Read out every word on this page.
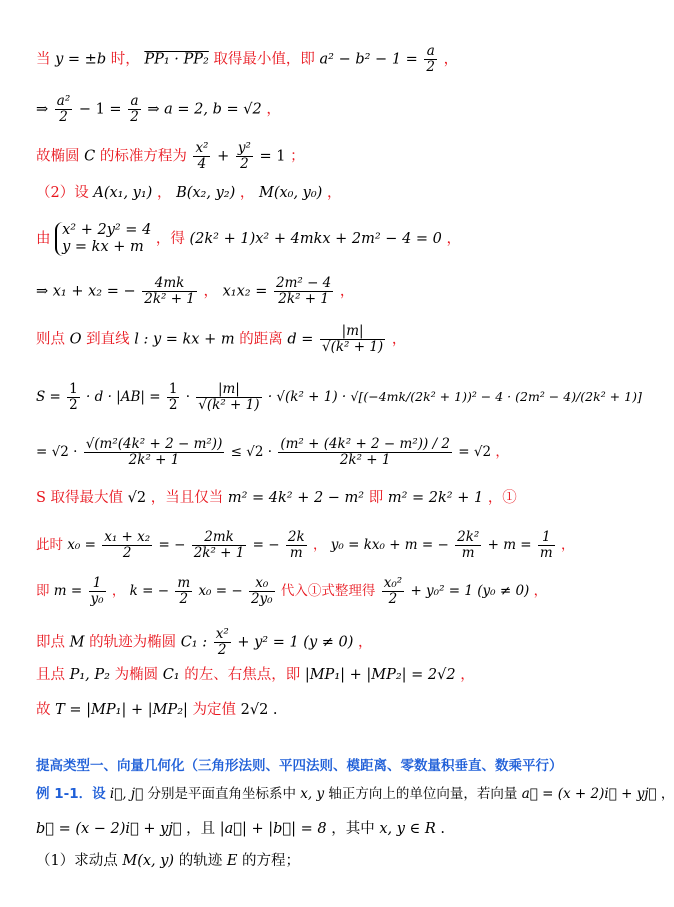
当 y = ±b 时， PP₁ · PP₂ 取得最小值，即 $a^2 - b^2 - 1 = \frac{a}{2}$ ，
⇒ $\frac{\text{a²}}{2} - 1 = \frac{a}{2}$ ⇒ a = 2, b = √2 ，
故椭圆 C 的标准方程为 $\frac{\text{x²}}{4} + \frac{\text{y²}}{2} = 1$ ；
（2）设 A(x₁, y₁) ， B(x₂, y₂) ， M(x₀, y₀) ，
由
x² + 2y² = 4
y = kx + m ，得 (2k² + 1)x² + 4mkx + 2m² − 4 = 0 ，
⇒ x₁ + x₂ = − $\frac{4mk}{\text{2k² + 1}}$ ， $x_1x_2 = \frac{\text{2m² − 4}}{\text{2k² + 1}}$ ，
则点 O 到直线 l : y = kx + m 的距离 $d = \frac{|m|}{\text{√(k² + 1)}}$ ，
$S = \frac{1}{2} \cdot d \cdot |AB| = \frac{1}{2} \cdot \frac{|m|}{\text{√(k² + 1)}} \cdot √(k^2 + 1) \cdot √[(-4mk/(2k^2 + 1))^2 - 4 \cdot (2m^2 - 4)/(2k^2 + 1)]$
= $√2 \cdot \frac{\text{√(m²(4k² + 2 − m²))}}{\text{2k² + 1}} \le √2 \cdot \frac{\text{(m² + (4k² + 2 − m²)) / 2}}{\text{2k² + 1}} = √2$ ，
S 取得最大值 √2 ，当且仅当 m² = 4k² + 2 − m² 即 m² = 2k² + 1 ，①
此时 $x_0 = \frac{\text{x₁ + x₂}}{2}$ = − $\frac{2mk}{\text{2k² + 1}}$ = − $\frac{2k}{m}$ ， y₀ = kx₀ + m = − $\frac{\text{2k²}}{m} + m = \frac{1}{m}$ ，
即 $m = \frac{1}{\text{y₀}}$ ， k = − $\frac{m}{2} x_0$ = − $\frac{\text{x₀}}{\text{2y₀}}$ 代入①式整理得 $\frac{\text{x₀²}}{2} + y_0^2 = 1$ (y₀ ≠ 0) ，
即点 M 的轨迹为椭圆 C₁ : $\frac{\text{x²}}{2} + y^2 = 1$ (y ≠ 0) ，
且点 P₁, P₂ 为椭圆 C₁ 的左、右焦点，即 |MP₁| + |MP₂| = 2√2 ，
故 T = |MP₁| + |MP₂| 为定值 2√2 .
提高类型一、向量几何化（三角形法则、平四法则、模距离、零数量积垂直、数乘平行）
例 1-1．设 i⃗, j⃗ 分别是平面直角坐标系中 x, y 轴正方向上的单位向量，若向量 a⃗ = (x + 2)i⃗ + yj⃗ ，
b⃗ = (x − 2)i⃗ + yj⃗ ，且 |a⃗| + |b⃗| = 8 ，其中 x, y ∈ R .
（1）求动点 M(x, y) 的轨迹 E 的方程；
